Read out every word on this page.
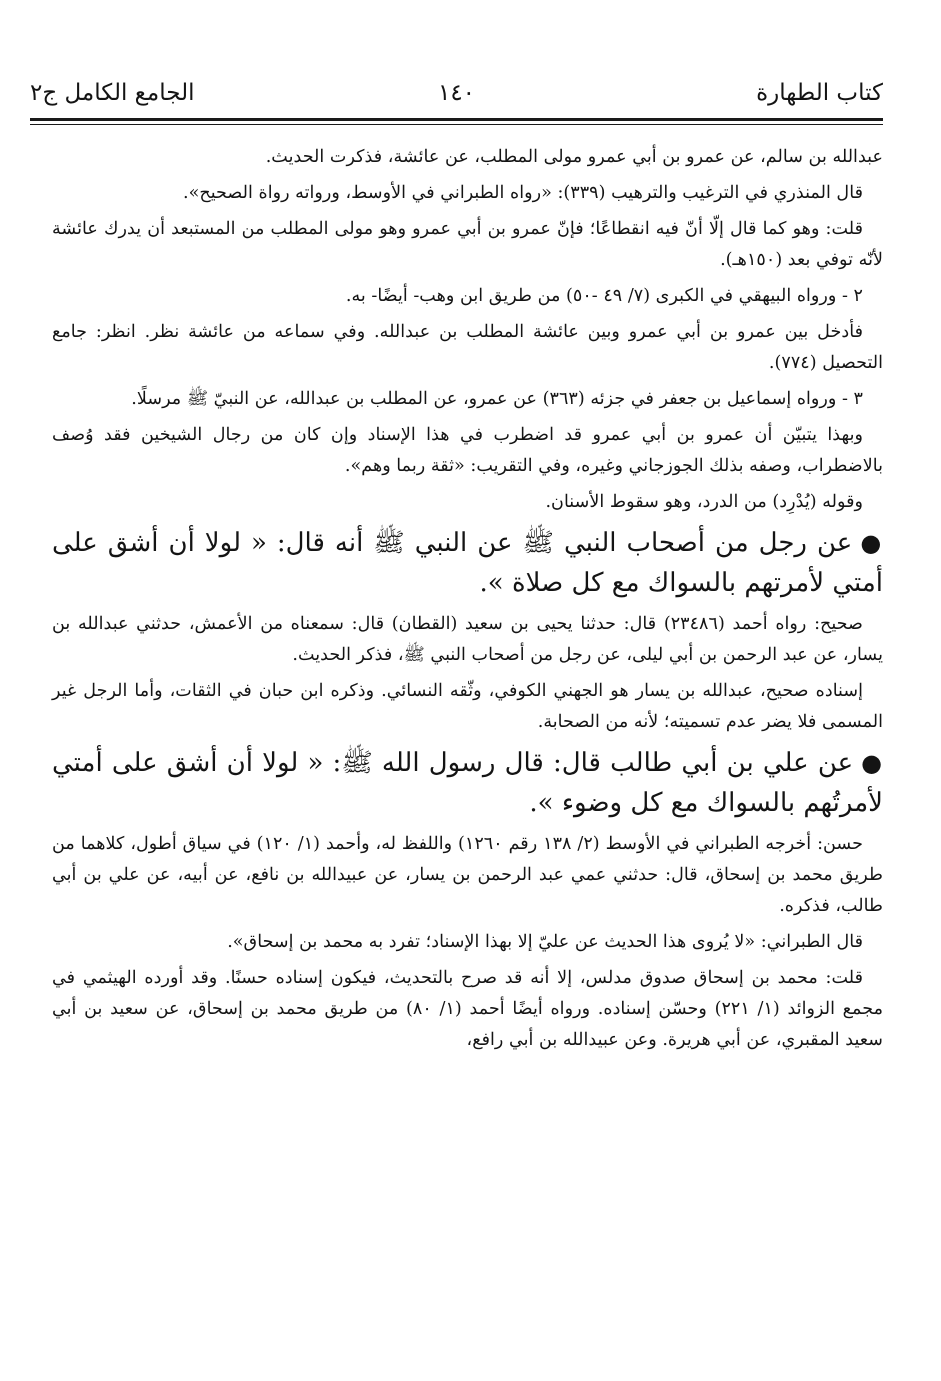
كتاب الطهارة
١٤٠
الجامع الكامل ج٢

عبدالله بن سالم، عن عمرو بن أبي عمرو مولى المطلب، عن عائشة، فذكرت الحديث.

قال المنذري في الترغيب والترهيب (٣٣٩): «رواه الطبراني في الأوسط، ورواته رواة الصحيح».

قلت: وهو كما قال إلّا أنّ فيه انقطاعًا؛ فإنّ عمرو بن أبي عمرو وهو مولى المطلب من المستبعد أن يدرك عائشة لأنّه توفي بعد (١٥٠هـ).

٢ - ورواه البيهقي في الكبرى (٧/ ٤٩ -٥٠) من طريق ابن وهب- أيضًا- به.

فأدخل بين عمرو بن أبي عمرو وبين عائشة المطلب بن عبدالله. وفي سماعه من عائشة نظر. انظر: جامع التحصيل (٧٧٤).

٣ - ورواه إسماعيل بن جعفر في جزئه (٣٦٣) عن عمرو، عن المطلب بن عبدالله، عن النبيّ ﷺ مرسلًا.

وبهذا يتبيّن أن عمرو بن أبي عمرو قد اضطرب في هذا الإسناد وإن كان من رجال الشيخين فقد وُصف بالاضطراب، وصفه بذلك الجوزجاني وغيره، وفي التقريب: «ثقة ربما وهم».

وقوله (يُدْرِد) من الدرد، وهو سقوط الأسنان.

●عن رجل من أصحاب النبي ﷺ عن النبي ﷺ أنه قال: « لولا أن أشق على أمتي لأمرتهم بالسواك مع كل صلاة ».

صحيح: رواه أحمد (٢٣٤٨٦) قال: حدثنا يحيى بن سعيد (القطان) قال: سمعناه من الأعمش، حدثني عبدالله بن يسار، عن عبد الرحمن بن أبي ليلى، عن رجل من أصحاب النبي ﷺ، فذكر الحديث.

إسناده صحيح، عبدالله بن يسار هو الجهني الكوفي، وثّقه النسائي. وذكره ابن حبان في الثقات، وأما الرجل غير المسمى فلا يضر عدم تسميته؛ لأنه من الصحابة.

●عن علي بن أبي طالب قال: قال رسول الله ﷺ: « لولا أن أشق على أمتي لأمرتُهم بالسواك مع كل وضوء ».

حسن: أخرجه الطبراني في الأوسط (٢/ ١٣٨ رقم ١٢٦٠) واللفظ له، وأحمد (١/ ١٢٠) في سياق أطول، كلاهما من طريق محمد بن إسحاق، قال: حدثني عمي عبد الرحمن بن يسار، عن عبيدالله بن نافع، عن أبيه، عن علي بن أبي طالب، فذكره.

قال الطبراني: «لا يُروى هذا الحديث عن عليّ إلا بهذا الإسناد؛ تفرد به محمد بن إسحاق».

قلت: محمد بن إسحاق صدوق مدلس، إلا أنه قد صرح بالتحديث، فيكون إسناده حسنًا. وقد أورده الهيثمي في مجمع الزوائد (١/ ٢٢١) وحسّن إسناده. ورواه أيضًا أحمد (١/ ٨٠) من طريق محمد بن إسحاق، عن سعيد بن أبي سعيد المقبري، عن أبي هريرة. وعن عبيدالله بن أبي رافع،
